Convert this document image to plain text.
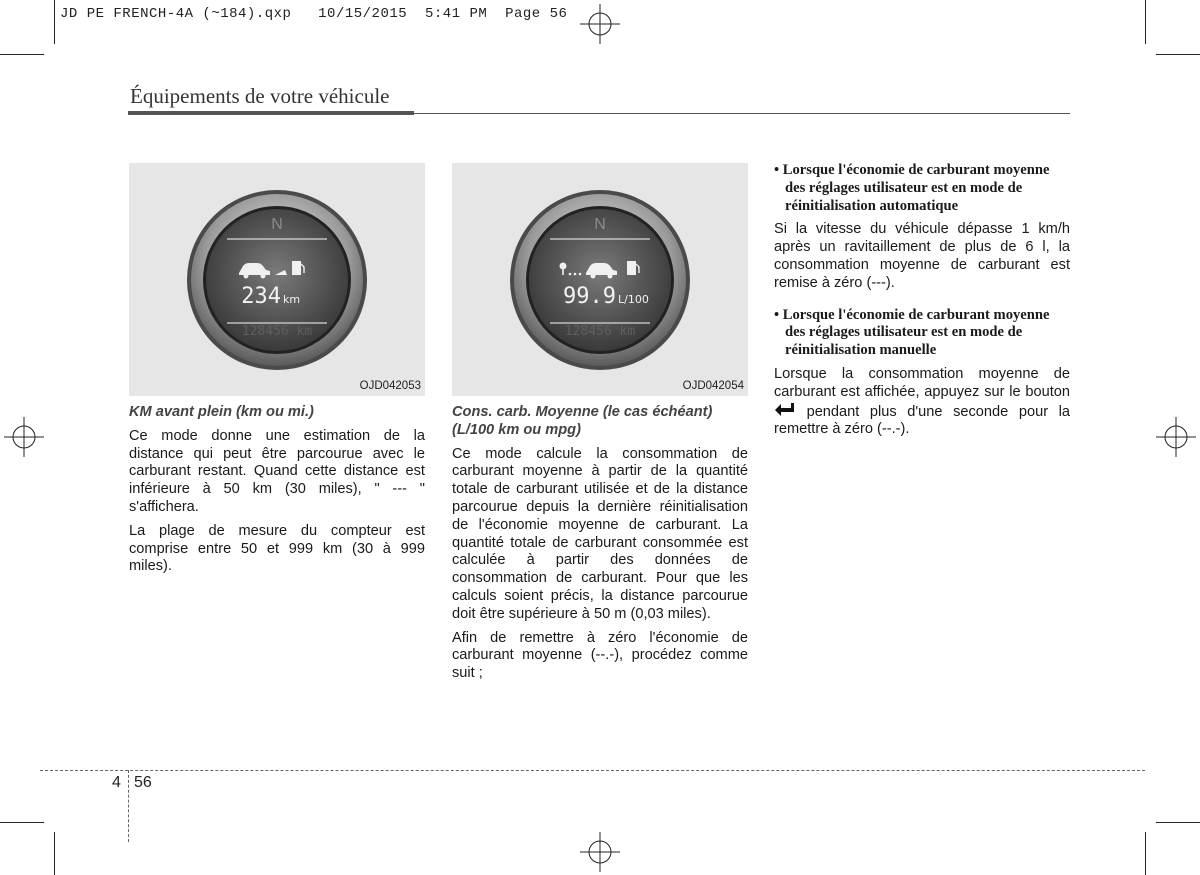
JD PE FRENCH-4A (~184).qxp   10/15/2015  5:41 PM  Page 56
Équipements de votre véhicule
N
234 km
128456 km
OJD042053
N
99.9 L/100
128456 km
OJD042054

KM avant plein (km ou mi.)

Ce mode donne une estimation de la distance qui peut être parcourue avec le carburant restant. Quand cette distance est inférieure à 50 km (30 miles), " --- " s'affichera.

La plage de mesure du compteur est comprise entre 50 et 999 km (30 à 999 miles).

Cons. carb. Moyenne (le cas échéant) (L/100 km ou mpg)

Ce mode calcule la consommation de carburant moyenne à partir de la quantité totale de carburant utilisée et de la distance parcourue depuis la dernière réinitialisation de l'économie moyenne de carburant. La quantité totale de carburant consommée est calculée à partir des données de consommation de carburant. Pour que les calculs soient précis, la distance parcourue doit être supérieure à 50 m (0,03 miles).

Afin de remettre à zéro l'économie de carburant moyenne (--.-), procédez comme suit ;

• Lorsque l'économie de carburant moyenne des réglages utilisateur est en mode de réinitialisation automatique

Si la vitesse du véhicule dépasse 1 km/h après un ravitaillement de plus de 6 l, la consommation moyenne de carburant est remise à zéro (---).

• Lorsque l'économie de carburant moyenne des réglages utilisateur est en mode de réinitialisation manuelle

Lorsque la consommation moyenne de carburant est affichée, appuyez sur le bouton  pendant plus d'une seconde pour la remettre à zéro (--.-).

4 56
